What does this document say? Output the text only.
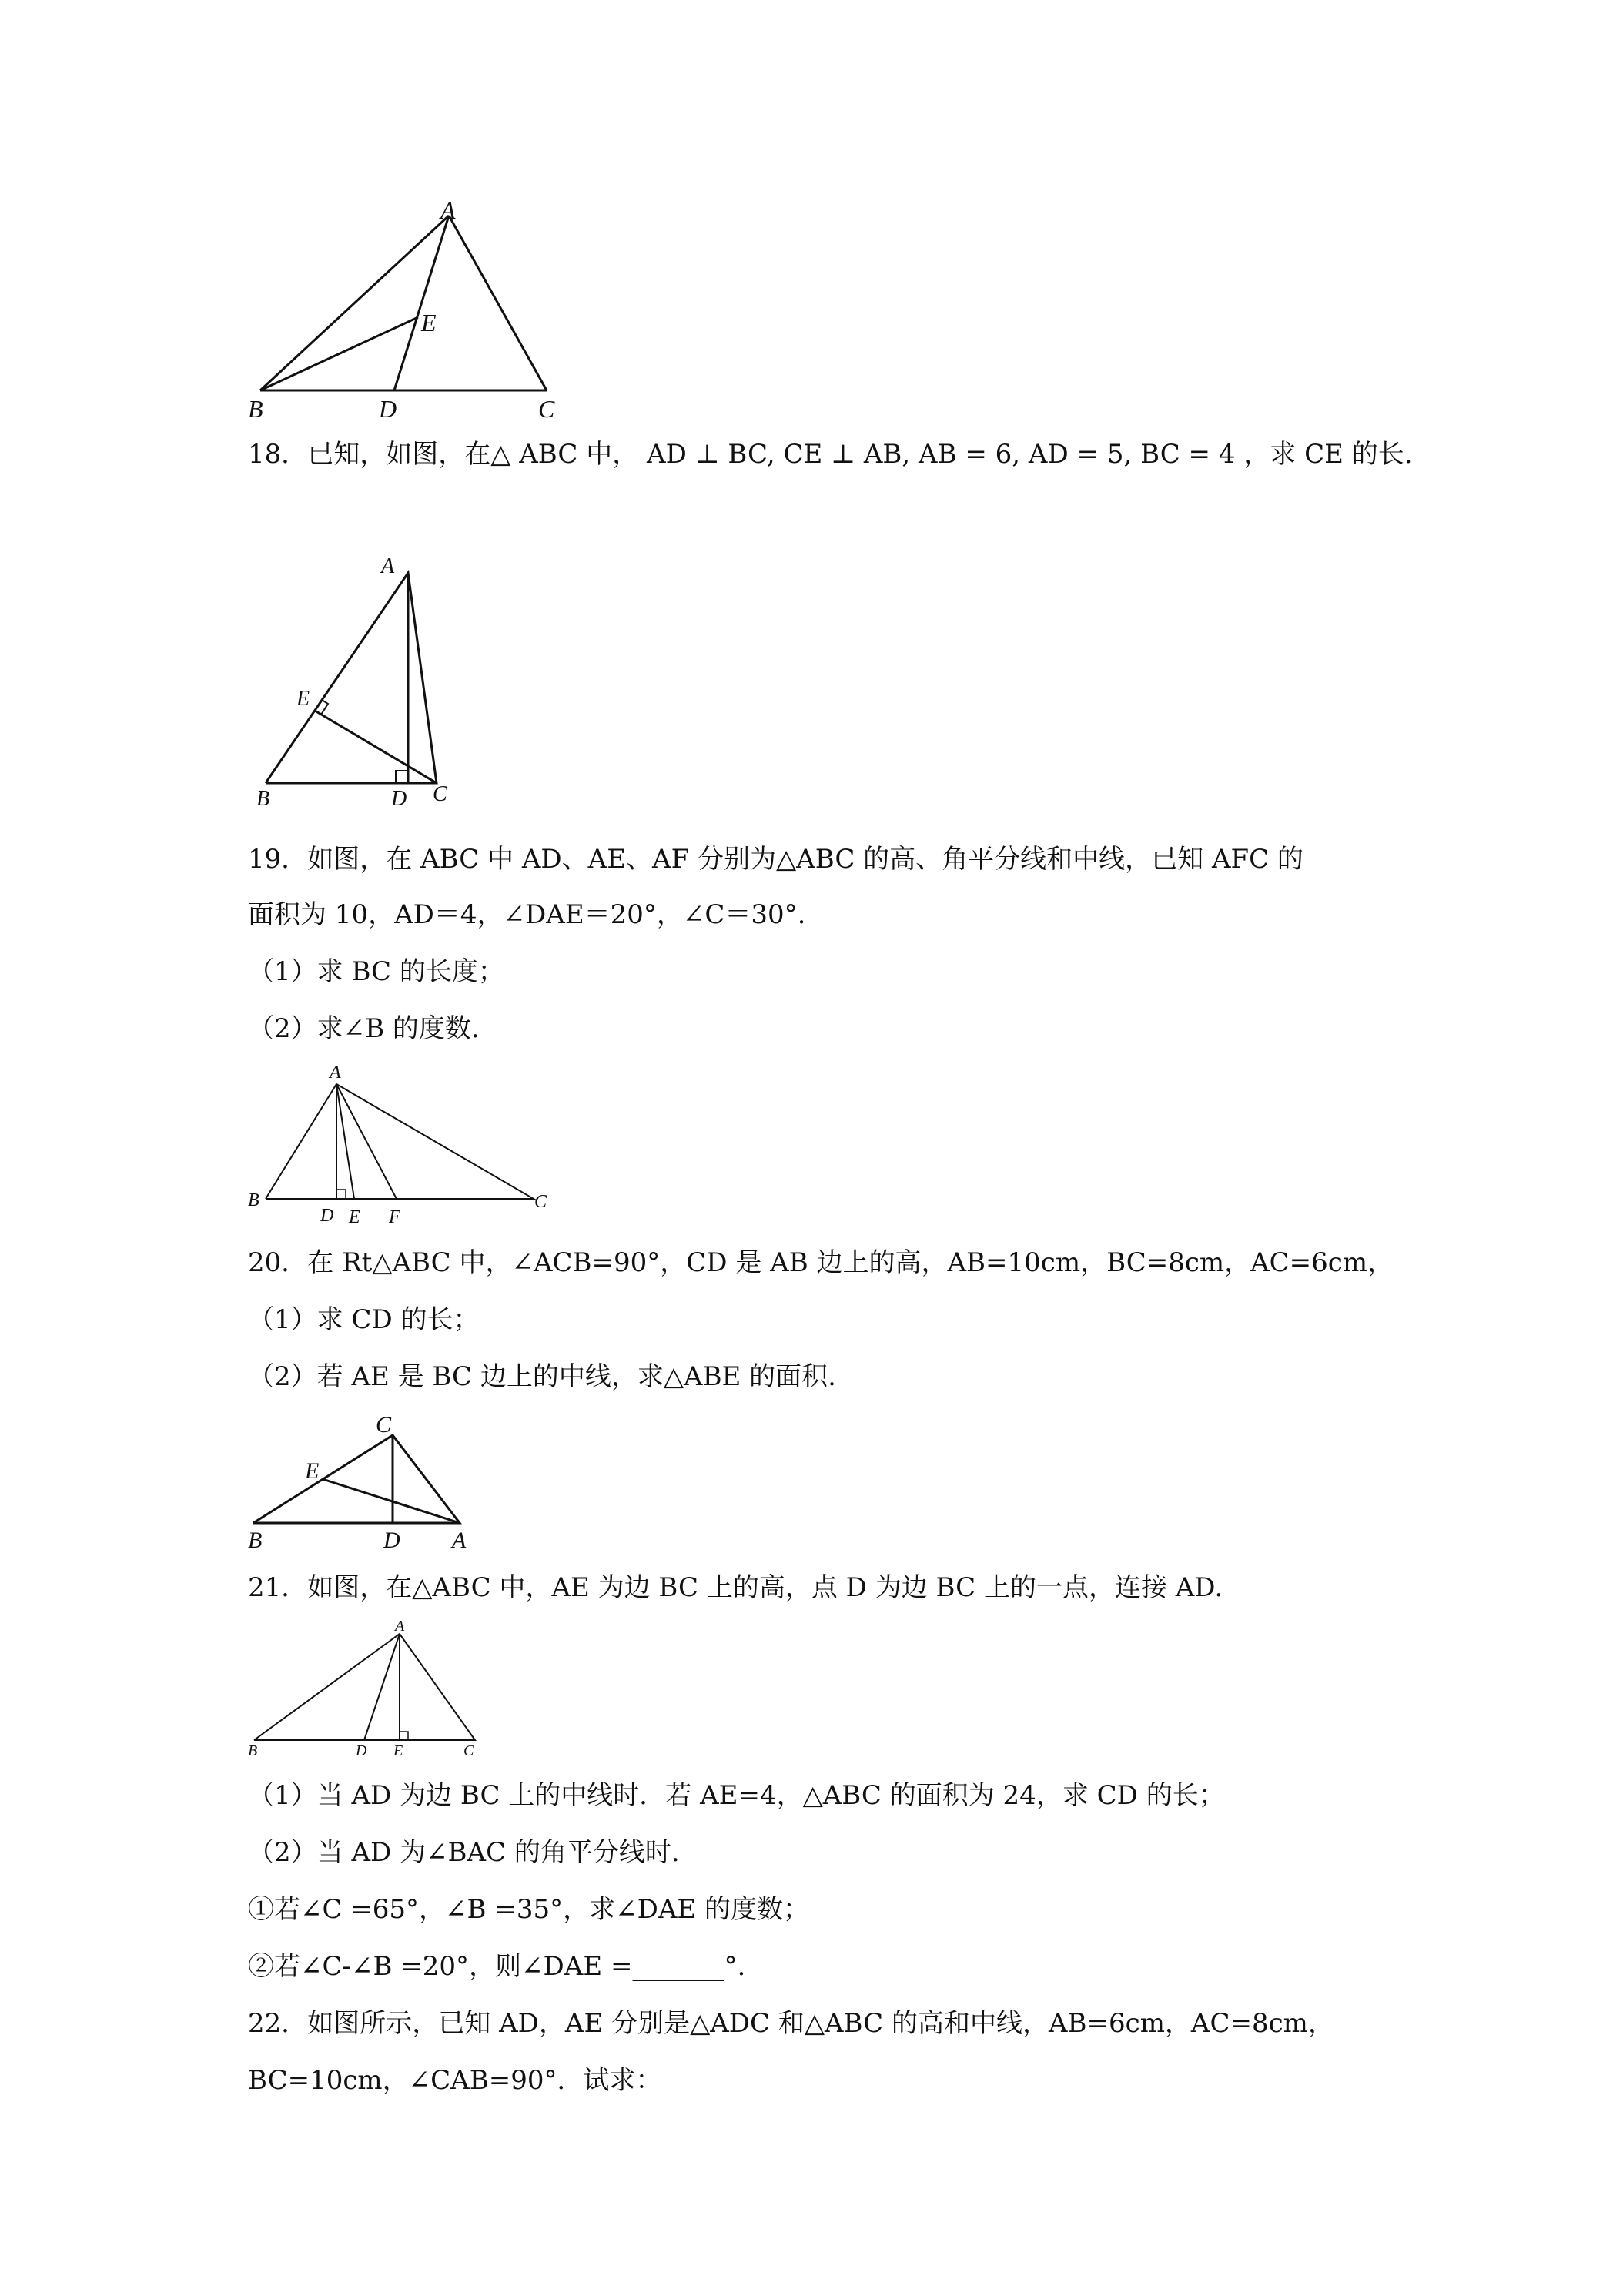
A
E
B	D	C
18．已知，如图，在△ ABC 中， AD ⊥ BC, CE ⊥ AB, AB = 6, AD = 5, BC = 4 ，求 CE 的长.
A
E
B	D C
19．如图，在 ABC 中 AD、AE、AF 分别为△ABC 的高、角平分线和中线，已知 AFC 的
面积为 10，AD＝4，∠DAE＝20°，∠C＝30°.
（1）求 BC 的长度；
（2）求∠B 的度数.
A
B
D E F
C
20．在 Rt△ABC 中，∠ACB=90°，CD 是 AB 边上的高，AB=10cm，BC=8cm，AC=6cm，
（1）求 CD 的长；
（2）若 AE 是 BC 边上的中线，求△ABE 的面积.
C
E
B	D A
21．如图，在△ABC 中，AE 为边 BC 上的高，点 D 为边 BC 上的一点，连接 AD.
A
B	D E	C
（1）当 AD 为边 BC 上的中线时．若 AE=4，△ABC 的面积为 24，求 CD 的长；
（2）当 AD 为∠BAC 的角平分线时.
①若∠C =65°，∠B =35°，求∠DAE 的度数；
②若∠C-∠B =20°，则∠DAE =_______°.
22．如图所示，已知 AD，AE 分别是△ADC 和△ABC 的高和中线，AB=6cm，AC=8cm，
BC=10cm，∠CAB=90°．试求：
